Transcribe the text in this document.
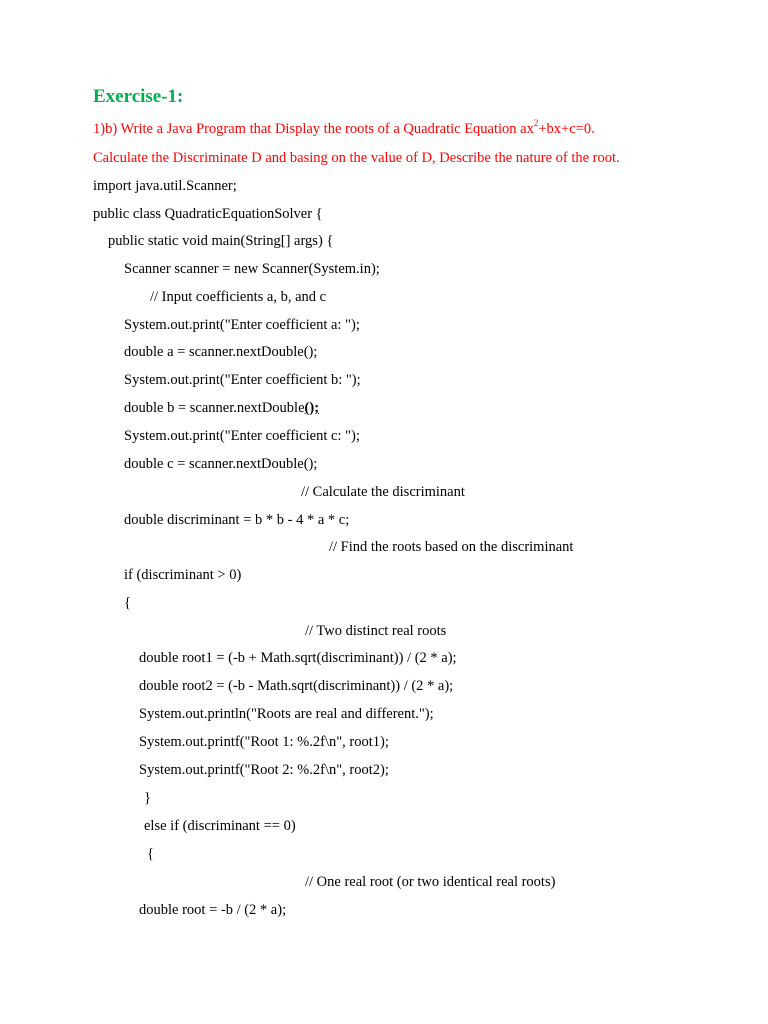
Exercise-1:
1)b) Write a Java Program that Display the roots of a Quadratic Equation $ax^2+bx+c=0$.
Calculate the Discriminate D and basing on the value of D, Describe the nature of the root.
import java.util.Scanner;
public class QuadraticEquationSolver {
public static void main(String[] args) {
Scanner scanner = new Scanner(System.in);
// Input coefficients a, b, and c
System.out.print("Enter coefficient a: ");
double a = scanner.nextDouble();
System.out.print("Enter coefficient b: ");
double b = scanner.nextDouble();
System.out.print("Enter coefficient c: ");
double c = scanner.nextDouble();
// Calculate the discriminant
double discriminant = b * b - 4 * a * c;
// Find the roots based on the discriminant
if (discriminant > 0)
{
// Two distinct real roots
double root1 = (-b + Math.sqrt(discriminant)) / (2 * a);
double root2 = (-b - Math.sqrt(discriminant)) / (2 * a);
System.out.println("Roots are real and different.");
System.out.printf("Root 1: %.2f\n", root1);
System.out.printf("Root 2: %.2f\n", root2);
}
else if (discriminant == 0)
{
// One real root (or two identical real roots)
double root = -b / (2 * a);
